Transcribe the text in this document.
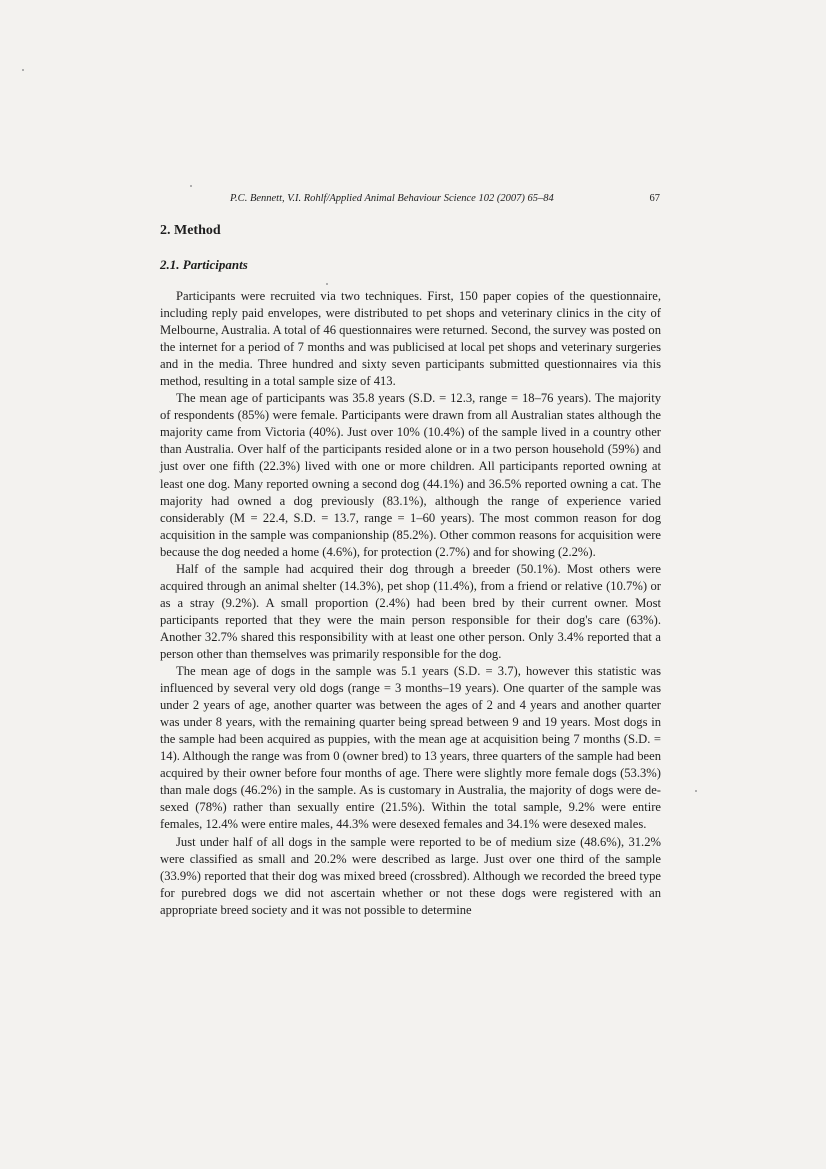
P.C. Bennett, V.I. Rohlf/Applied Animal Behaviour Science 102 (2007) 65–84	67
2. Method
2.1. Participants

Participants were recruited via two techniques. First, 150 paper copies of the questionnaire, including reply paid envelopes, were distributed to pet shops and veterinary clinics in the city of Melbourne, Australia. A total of 46 questionnaires were returned. Second, the survey was posted on the internet for a period of 7 months and was publicised at local pet shops and veterinary surgeries and in the media. Three hundred and sixty seven participants submitted questionnaires via this method, resulting in a total sample size of 413.

The mean age of participants was 35.8 years (S.D. = 12.3, range = 18–76 years). The majority of respondents (85%) were female. Participants were drawn from all Australian states although the majority came from Victoria (40%). Just over 10% (10.4%) of the sample lived in a country other than Australia. Over half of the participants resided alone or in a two person household (59%) and just over one fifth (22.3%) lived with one or more children. All participants reported owning at least one dog. Many reported owning a second dog (44.1%) and 36.5% reported owning a cat. The majority had owned a dog previously (83.1%), although the range of experience varied considerably (M = 22.4, S.D. = 13.7, range = 1–60 years). The most common reason for dog acquisition in the sample was companionship (85.2%). Other common reasons for acquisition were because the dog needed a home (4.6%), for protection (2.7%) and for showing (2.2%).

Half of the sample had acquired their dog through a breeder (50.1%). Most others were acquired through an animal shelter (14.3%), pet shop (11.4%), from a friend or relative (10.7%) or as a stray (9.2%). A small proportion (2.4%) had been bred by their current owner. Most participants reported that they were the main person responsible for their dog's care (63%). Another 32.7% shared this responsibility with at least one other person. Only 3.4% reported that a person other than themselves was primarily responsible for the dog.

The mean age of dogs in the sample was 5.1 years (S.D. = 3.7), however this statistic was influenced by several very old dogs (range = 3 months–19 years). One quarter of the sample was under 2 years of age, another quarter was between the ages of 2 and 4 years and another quarter was under 8 years, with the remaining quarter being spread between 9 and 19 years. Most dogs in the sample had been acquired as puppies, with the mean age at acquisition being 7 months (S.D. = 14). Although the range was from 0 (owner bred) to 13 years, three quarters of the sample had been acquired by their owner before four months of age. There were slightly more female dogs (53.3%) than male dogs (46.2%) in the sample. As is customary in Australia, the majority of dogs were de-sexed (78%) rather than sexually entire (21.5%). Within the total sample, 9.2% were entire females, 12.4% were entire males, 44.3% were desexed females and 34.1% were desexed males.

Just under half of all dogs in the sample were reported to be of medium size (48.6%), 31.2% were classified as small and 20.2% were described as large. Just over one third of the sample (33.9%) reported that their dog was mixed breed (crossbred). Although we recorded the breed type for purebred dogs we did not ascertain whether or not these dogs were registered with an appropriate breed society and it was not possible to determine
